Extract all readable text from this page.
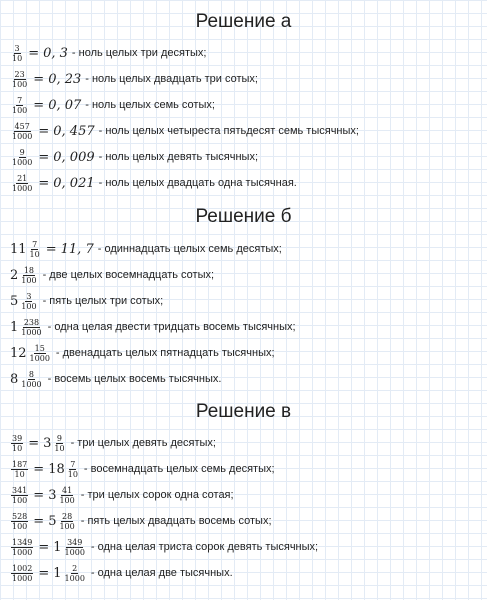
Решение а
$\frac{3}{10} = 0$, 3 - ноль целых три десятых;
$\frac{23}{100} = 0$, 23 - ноль целых двадцать три сотых;
$\frac{7}{100} = 0$, 07 - ноль целых семь сотых;
$\frac{457}{1000} = 0$, 457 - ноль целых четыреста пятьдесят семь тысячных;
$\frac{9}{1000} = 0$, 009 - ноль целых девять тысячных;
$\frac{21}{1000} = 0$, 021 - ноль целых двадцать одна тысячная.
Решение б
$11 \frac{7}{10} = 11$, 7 - одиннадцать целых семь десятых;
$2 \frac{18}{100}$ - две целых восемнадцать сотых;
$5 \frac{3}{100}$ - пять целых три сотых;
$1 \frac{238}{1000}$ - одна целая двести тридцать восемь тысячных;
$12 \frac{15}{1000}$ - двенадцать целых пятнадцать тысячных;
$8 \frac{8}{1000}$ - восемь целых восемь тысячных.
Решение в
$\frac{39}{10} = 3 \frac{9}{10}$ - три целых девять десятых;
$\frac{187}{10} = 18 \frac{7}{10}$ - восемнадцать целых семь десятых;
$\frac{341}{100} = 3 \frac{41}{100}$ - три целых сорок одна сотая;
$\frac{528}{100} = 5 \frac{28}{100}$ - пять целых двадцать восемь сотых;
$\frac{1349}{1000} = 1 \frac{349}{1000}$ - одна целая триста сорок девять тысячных;
$\frac{1002}{1000} = 1 \frac{2}{1000}$ - одна целая две тысячных.
